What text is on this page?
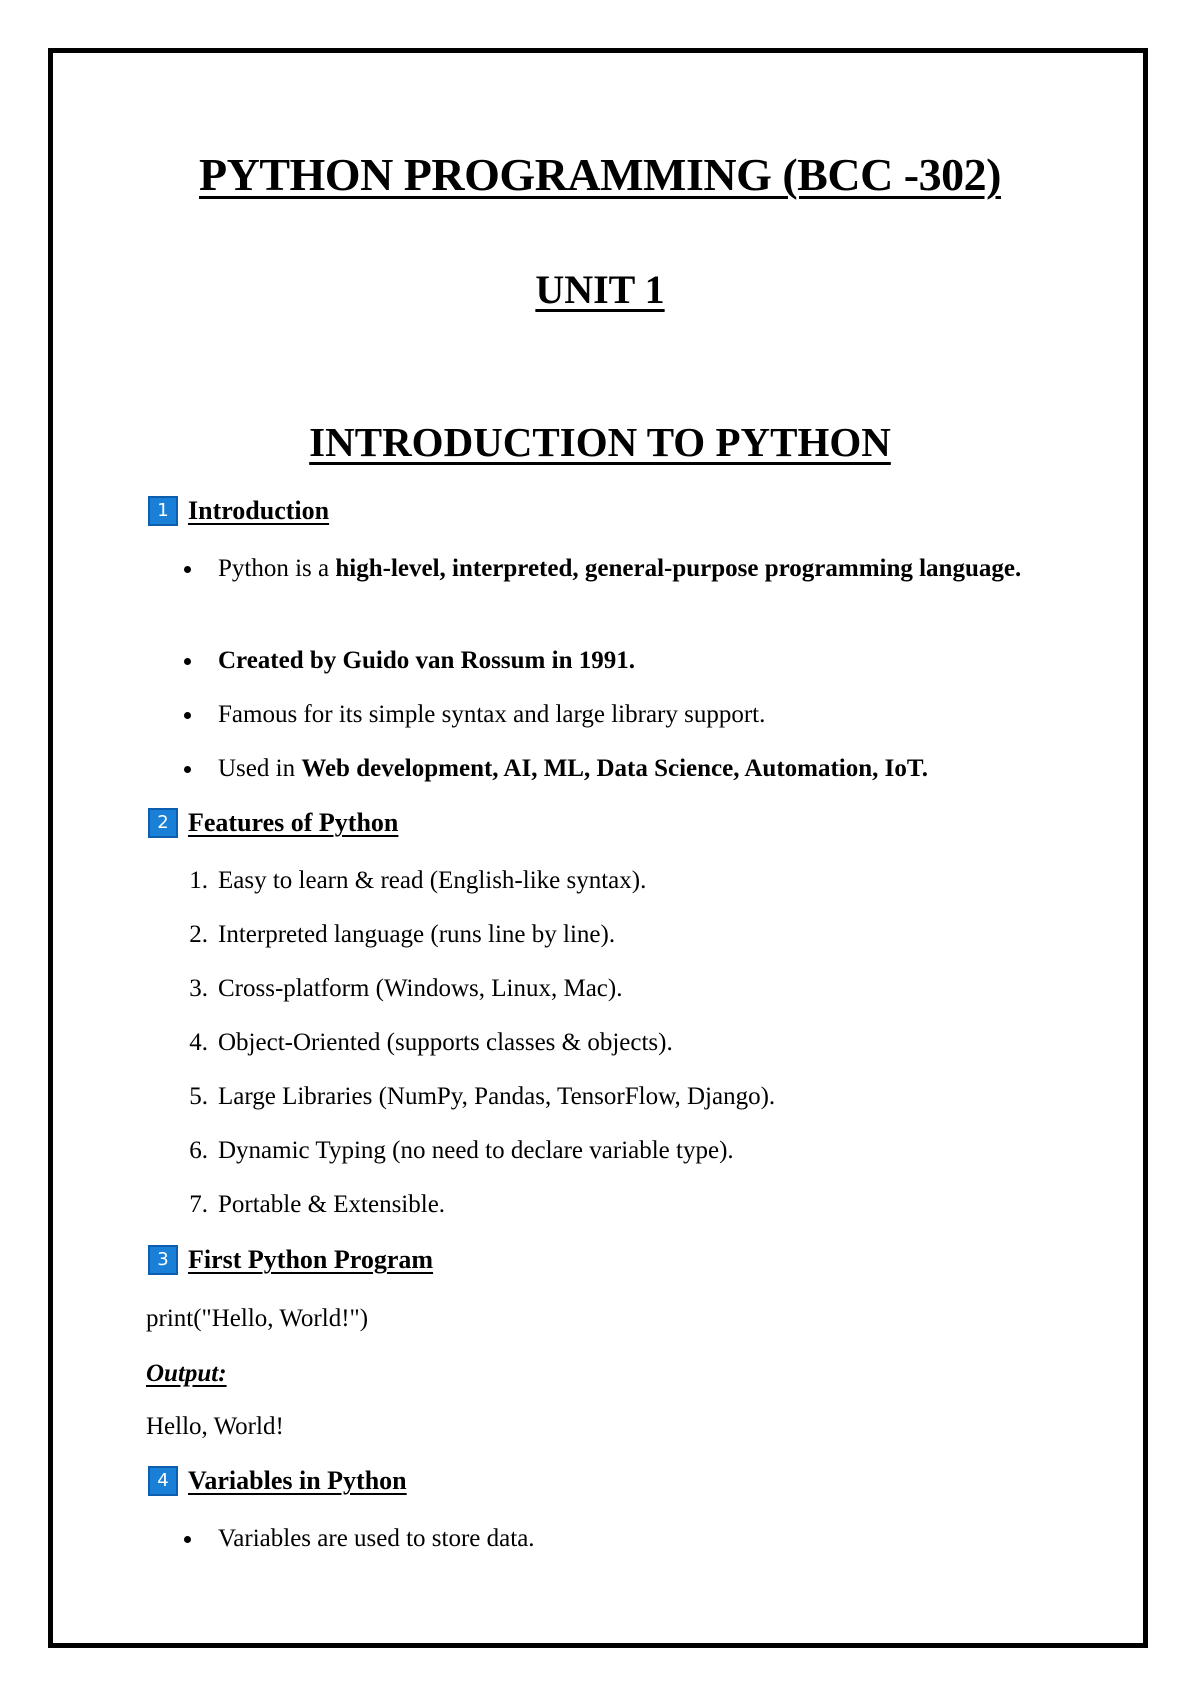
PYTHON PROGRAMMING (BCC -302)
UNIT 1
INTRODUCTION TO PYTHON
1 Introduction
Python is a high-level, interpreted, general-purpose programming language.
Created by Guido van Rossum in 1991.
Famous for its simple syntax and large library support.
Used in Web development, AI, ML, Data Science, Automation, IoT.
2 Features of Python
1. Easy to learn & read (English-like syntax).
2. Interpreted language (runs line by line).
3. Cross-platform (Windows, Linux, Mac).
4. Object-Oriented (supports classes & objects).
5. Large Libraries (NumPy, Pandas, TensorFlow, Django).
6. Dynamic Typing (no need to declare variable type).
7. Portable & Extensible.
3 First Python Program
print("Hello, World!")
Output:
Hello, World!
4 Variables in Python
Variables are used to store data.
